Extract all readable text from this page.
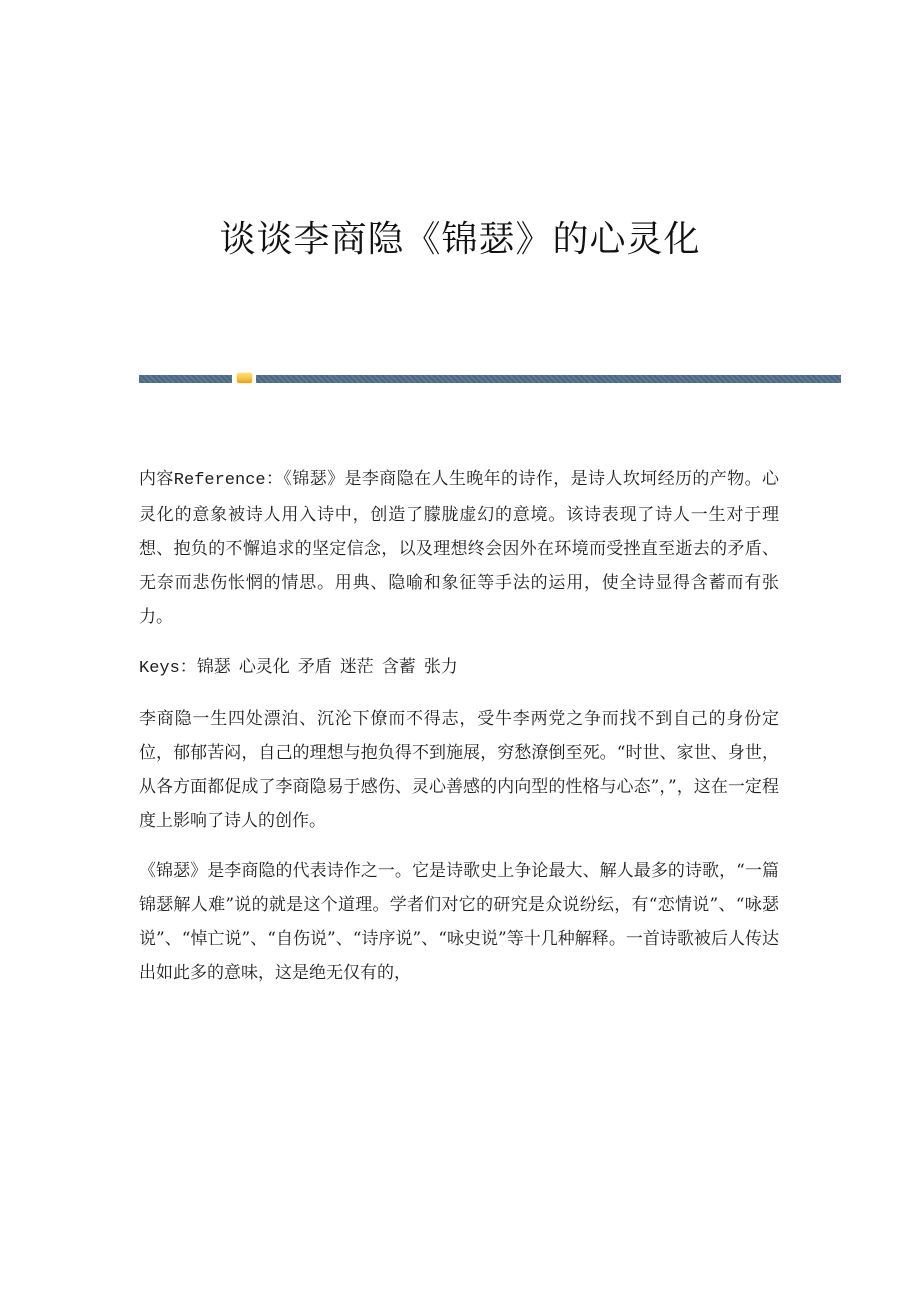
谈谈李商隐《锦瑟》的心灵化

内容Reference：《锦瑟》是李商隐在人生晚年的诗作，是诗人坎坷经历的产物。心灵化的意象被诗人用入诗中，创造了朦胧虚幻的意境。该诗表现了诗人一生对于理想、抱负的不懈追求的坚定信念，以及理想终会因外在环境而受挫直至逝去的矛盾、无奈而悲伤怅惘的情思。用典、隐喻和象征等手法的运用，使全诗显得含蓄而有张力。

Keys：锦瑟 心灵化 矛盾 迷茫 含蓄 张力

李商隐一生四处漂泊、沉沦下僚而不得志，受牛李两党之争而找不到自己的身份定位，郁郁苦闷，自己的理想与抱负得不到施展，穷愁潦倒至死。“时世、家世、身世，从各方面都促成了李商隐易于感伤、灵心善感的内向型的性格与心态”，”，这在一定程度上影响了诗人的创作。

《锦瑟》是李商隐的代表诗作之一。它是诗歌史上争论最大、解人最多的诗歌，“一篇锦瑟解人难”说的就是这个道理。学者们对它的研究是众说纷纭，有“恋情说”、“咏瑟说”、“悼亡说”、“自伤说”、“诗序说”、“咏史说”等十几种解释。一首诗歌被后人传达出如此多的意味，这是绝无仅有的，
